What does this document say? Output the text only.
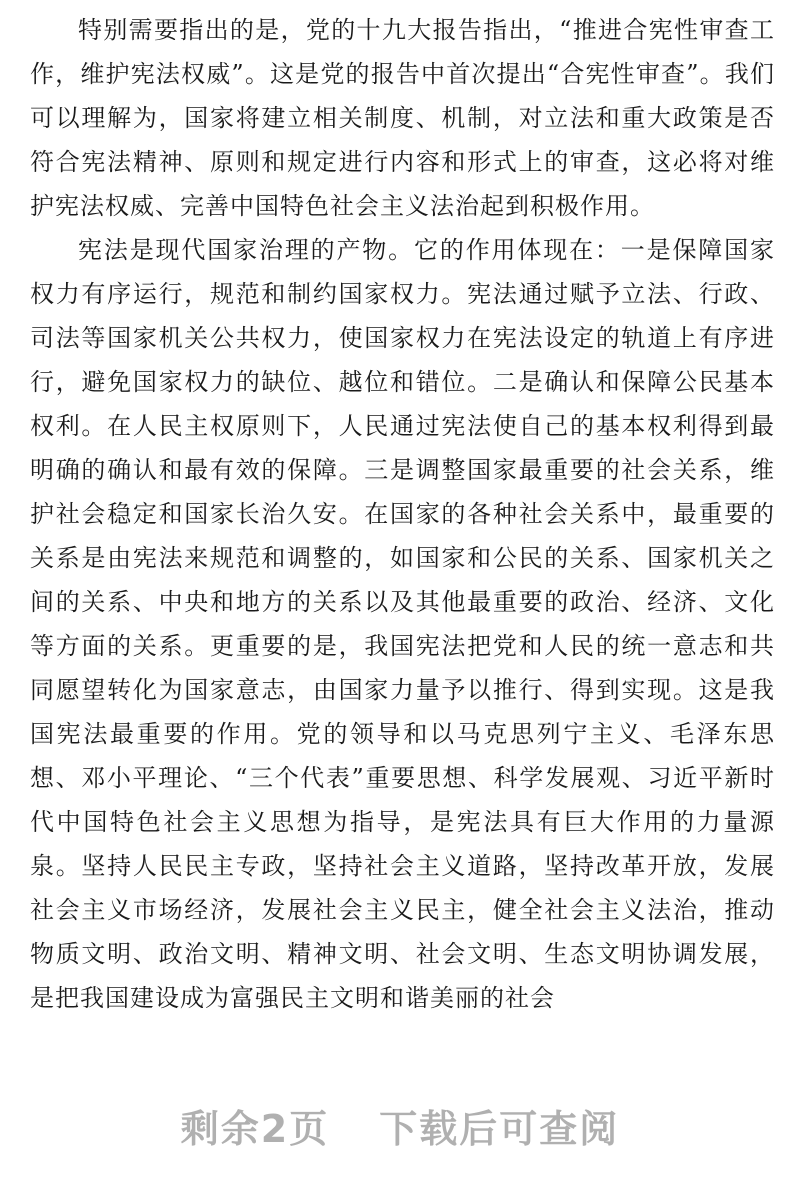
特别需要指出的是，党的十九大报告指出，“推进合宪性审查工作，维护宪法权威”。这是党的报告中首次提出“合宪性审查”。我们可以理解为，国家将建立相关制度、机制，对立法和重大政策是否符合宪法精神、原则和规定进行内容和形式上的审查，这必将对维护宪法权威、完善中国特色社会主义法治起到积极作用。

宪法是现代国家治理的产物。它的作用体现在：一是保障国家权力有序运行，规范和制约国家权力。宪法通过赋予立法、行政、司法等国家机关公共权力，使国家权力在宪法设定的轨道上有序进行，避免国家权力的缺位、越位和错位。二是确认和保障公民基本权利。在人民主权原则下，人民通过宪法使自己的基本权利得到最明确的确认和最有效的保障。三是调整国家最重要的社会关系，维护社会稳定和国家长治久安。在国家的各种社会关系中，最重要的关系是由宪法来规范和调整的，如国家和公民的关系、国家机关之间的关系、中央和地方的关系以及其他最重要的政治、经济、文化等方面的关系。更重要的是，我国宪法把党和人民的统一意志和共同愿望转化为国家意志，由国家力量予以推行、得到实现。这是我国宪法最重要的作用。党的领导和以马克思列宁主义、毛泽东思想、邓小平理论、“三个代表”重要思想、科学发展观、习近平新时代中国特色社会主义思想为指导，是宪法具有巨大作用的力量源泉。坚持人民民主专政，坚持社会主义道路，坚持改革开放，发展社会主义市场经济，发展社会主义民主，健全社会主义法治，推动物质文明、政治文明、精神文明、社会文明、生态文明协调发展，是把我国建设成为富强民主文明和谐美丽的社会

剩余2页 下载后可查阅
